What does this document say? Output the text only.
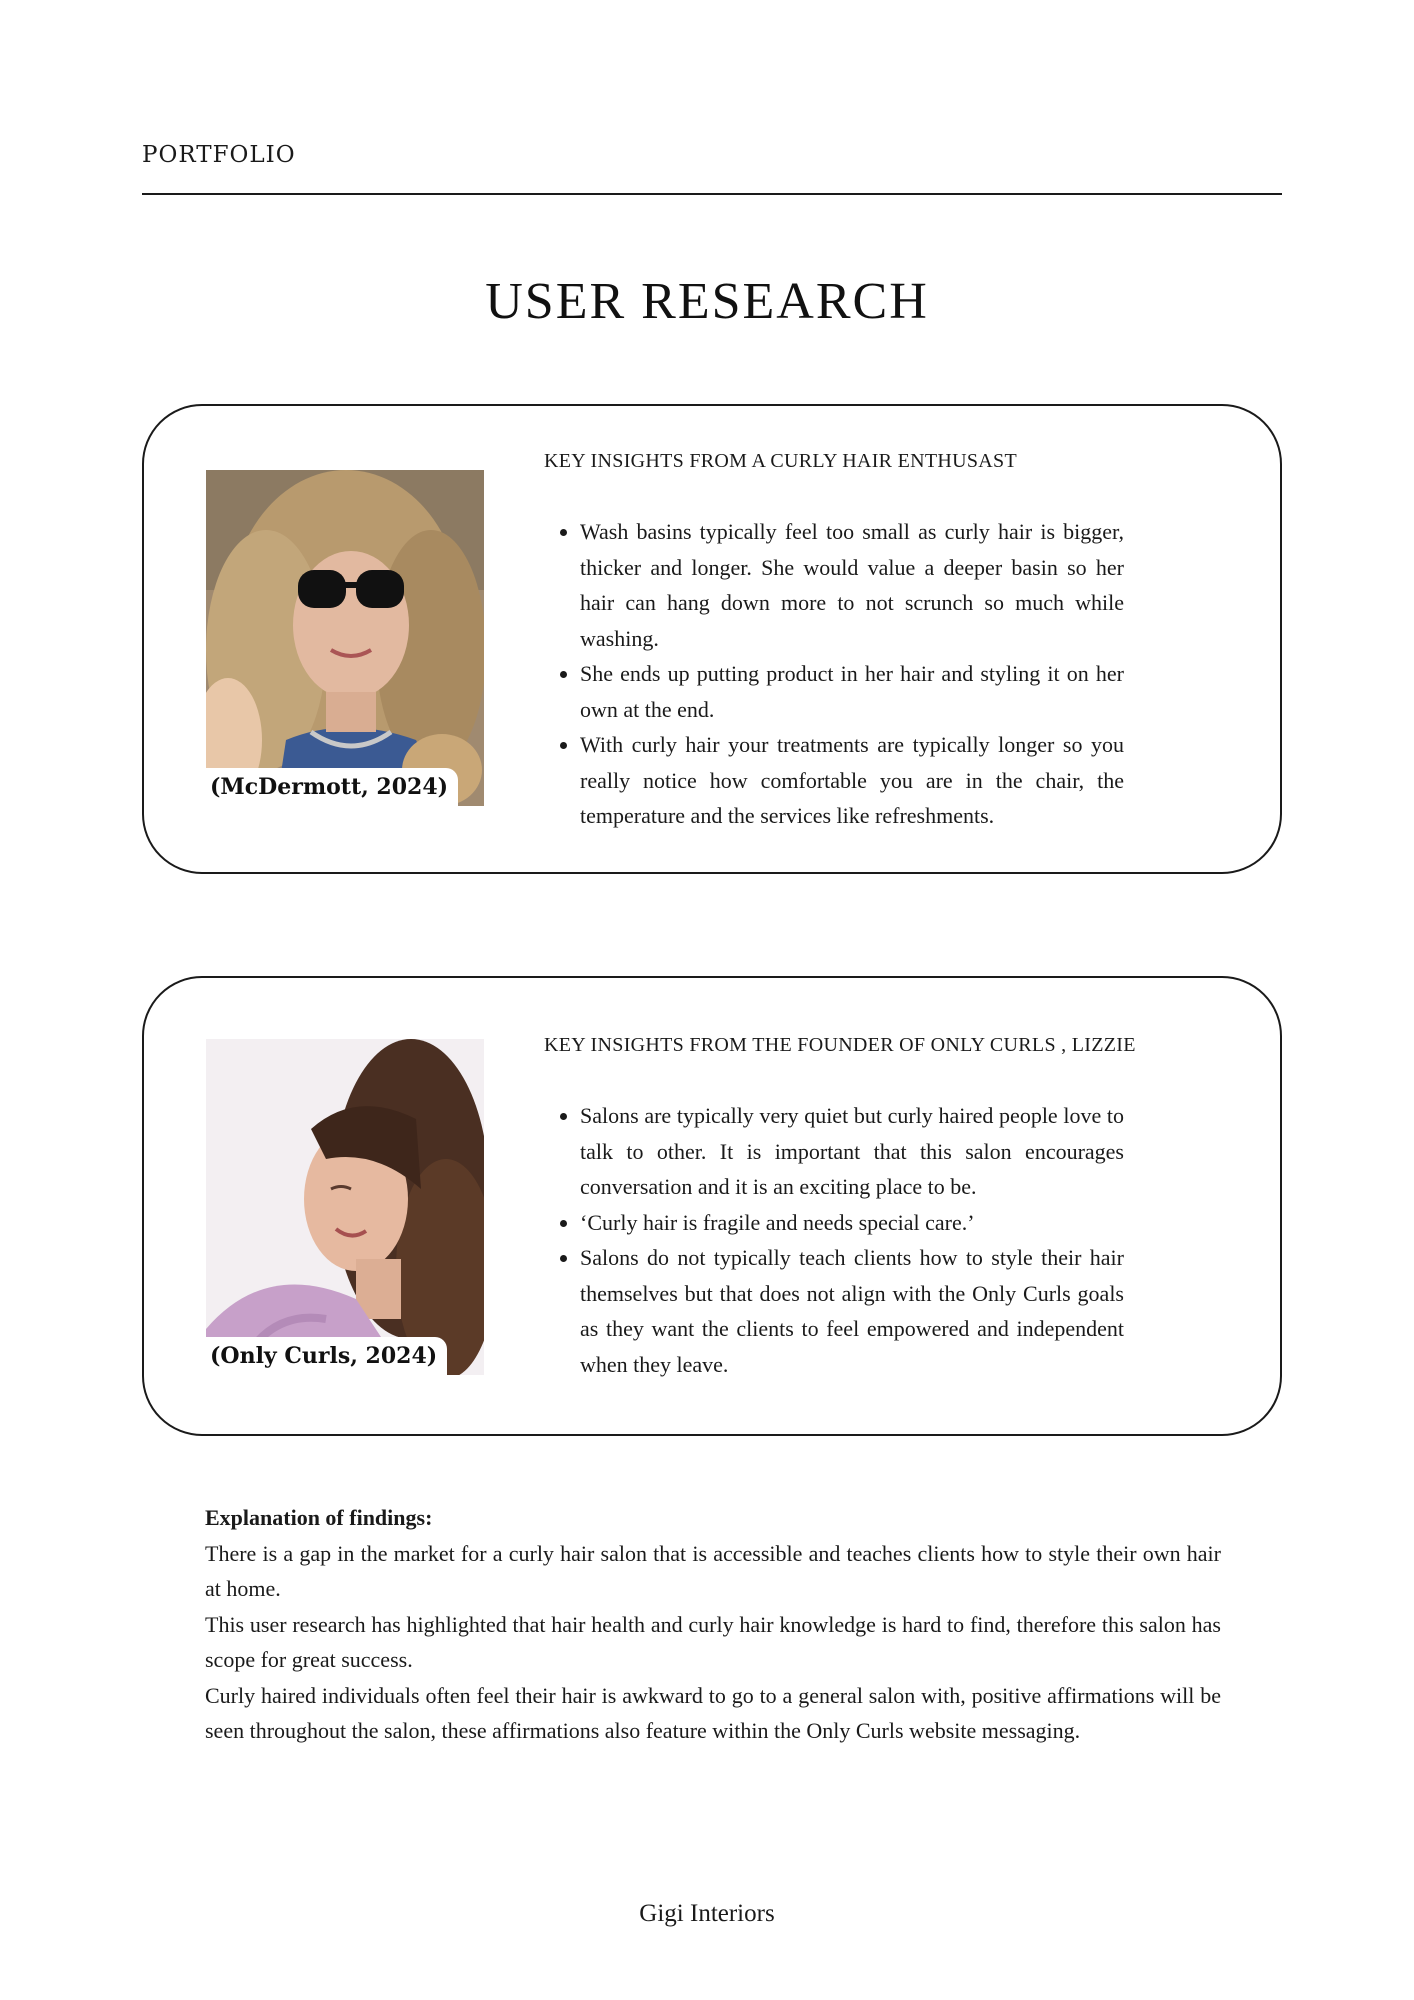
PORTFOLIO
USER RESEARCH
(McDermott, 2024)
KEY INSIGHTS FROM A CURLY HAIR ENTHUSAST
• Wash basins typically feel too small as curly hair is bigger, thicker and longer. She would value a deeper basin so her hair can hang down more to not scrunch so much while washing.
• She ends up putting product in her hair and styling it on her own at the end.
• With curly hair your treatments are typically longer so you really notice how comfortable you are in the chair, the temperature and the services like refreshments.
(Only Curls, 2024)
KEY INSIGHTS FROM THE FOUNDER OF ONLY CURLS , LIZZIE
• Salons are typically very quiet but curly haired people love to talk to other. It is important that this salon encourages conversation and it is an exciting place to be.
• ‘Curly hair is fragile and needs special care.’
• Salons do not typically teach clients how to style their hair themselves but that does not align with the Only Curls goals as they want the clients to feel empowered and independent when they leave.

Explanation of findings:

There is a gap in the market for a curly hair salon that is accessible and teaches clients how to style their own hair at home.

This user research has highlighted that hair health and curly hair knowledge is hard to find, therefore this salon has scope for great success.

Curly haired individuals often feel their hair is awkward to go to a general salon with, positive affirmations will be seen throughout the salon, these affirmations also feature within the Only Curls website messaging.

Gigi Interiors
